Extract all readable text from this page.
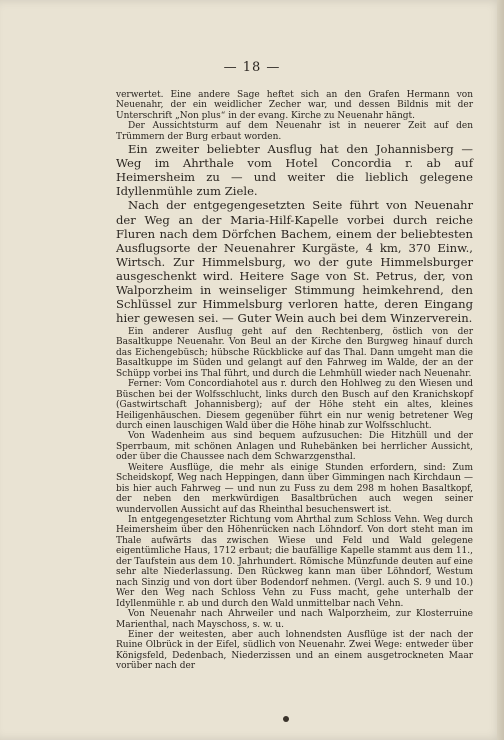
— 18 —

verwertet. Eine andere Sage heftet sich an den Grafen Hermann von Neuenahr, der ein weidlicher Zecher war, und dessen Bildnis mit der Unterschrift „Non plus“ in der evang. Kirche zu Neuenahr hängt.

Der Aussichtsturm auf dem Neuenahr ist in neuerer Zeit auf den Trümmern der Burg erbaut worden.

Ein zweiter beliebter Ausflug hat den Johannisberg — Weg im Ahrthale vom Hotel Concordia r. ab auf Heimersheim zu — und weiter die lieblich gelegene Idyllenmühle zum Ziele.

Nach der entgegengesetzten Seite führt von Neuenahr der Weg an der Maria-Hilf-Kapelle vorbei durch reiche Fluren nach dem Dörfchen Bachem, einem der beliebtesten Ausflugsorte der Neuenahrer Kurgäste, 4 km, 370 Einw., Wirtsch. Zur Himmelsburg, wo der gute Himmelsburger ausgeschenkt wird. Heitere Sage von St. Petrus, der, von Walporzheim in weinseliger Stimmung heimkehrend, den Schlüssel zur Himmelsburg verloren hatte, deren Eingang hier gewesen sei. — Guter Wein auch bei dem Winzerverein.

Ein anderer Ausflug geht auf den Rechtenberg, östlich von der Basaltkuppe Neuenahr. Von Beul an der Kirche den Burgweg hinauf durch das Eichengebüsch; hübsche Rückblicke auf das Thal. Dann umgeht man die Basaltkuppe im Süden und gelangt auf den Fahrweg im Walde, der an der Schüpp vorbei ins Thal führt, und durch die Lehmhüll wieder nach Neuenahr.

Ferner: Vom Concordiahotel aus r. durch den Hohlweg zu den Wiesen und Büschen bei der Wolfsschlucht, links durch den Busch auf den Kranichskopf (Gastwirtschaft Johannisberg); auf der Höhe steht ein altes, kleines Heiligenhäuschen. Diesem gegenüber führt ein nur wenig betretener Weg durch einen lauschigen Wald über die Höhe hinab zur Wolfsschlucht.

Von Wadenheim aus sind bequem aufzusuchen: Die Hitzhüll und der Sperrbaum, mit schönen Anlagen und Ruhebänken bei herrlicher Aussicht, oder über die Chaussee nach dem Schwarzgensthal.

Weitere Ausflüge, die mehr als einige Stunden erfordern, sind: Zum Scheidskopf, Weg nach Heppingen, dann über Gimmingen nach Kirchdaun — bis hier auch Fahrweg — und nun zu Fuss zu dem 298 m hohen Basaltkopf, der neben den merkwürdigen Basaltbrüchen auch wegen seiner wundervollen Aussicht auf das Rheinthal besuchenswert ist.

In entgegengesetzter Richtung vom Ahrthal zum Schloss Vehn. Weg durch Heimersheim über den Höhenrücken nach Löhndorf. Von dort steht man im Thale aufwärts das zwischen Wiese und Feld und Wald gelegene eigentümliche Haus, 1712 erbaut; die baufällige Kapelle stammt aus dem 11., der Taufstein aus dem 10. Jahrhundert. Römische Münzfunde deuten auf eine sehr alte Niederlassung. Den Rückweg kann man über Löhndorf, Westum nach Sinzig und von dort über Bodendorf nehmen. (Vergl. auch S. 9 und 10.) Wer den Weg nach Schloss Vehn zu Fuss macht, gehe unterhalb der Idyllenmühle r. ab und durch den Wald unmittelbar nach Vehn.

Von Neuenahr nach Ahrweiler und nach Walporzheim, zur Klosterruine Marienthal, nach Mayschoss, s. w. u.

Einer der weitesten, aber auch lohnendsten Ausflüge ist der nach der Ruine Olbrück in der Eifel, südlich von Neuenahr. Zwei Wege: entweder über Königsfeld, Dedenbach, Niederzissen und an einem ausgetrockneten Maar vorüber nach der
